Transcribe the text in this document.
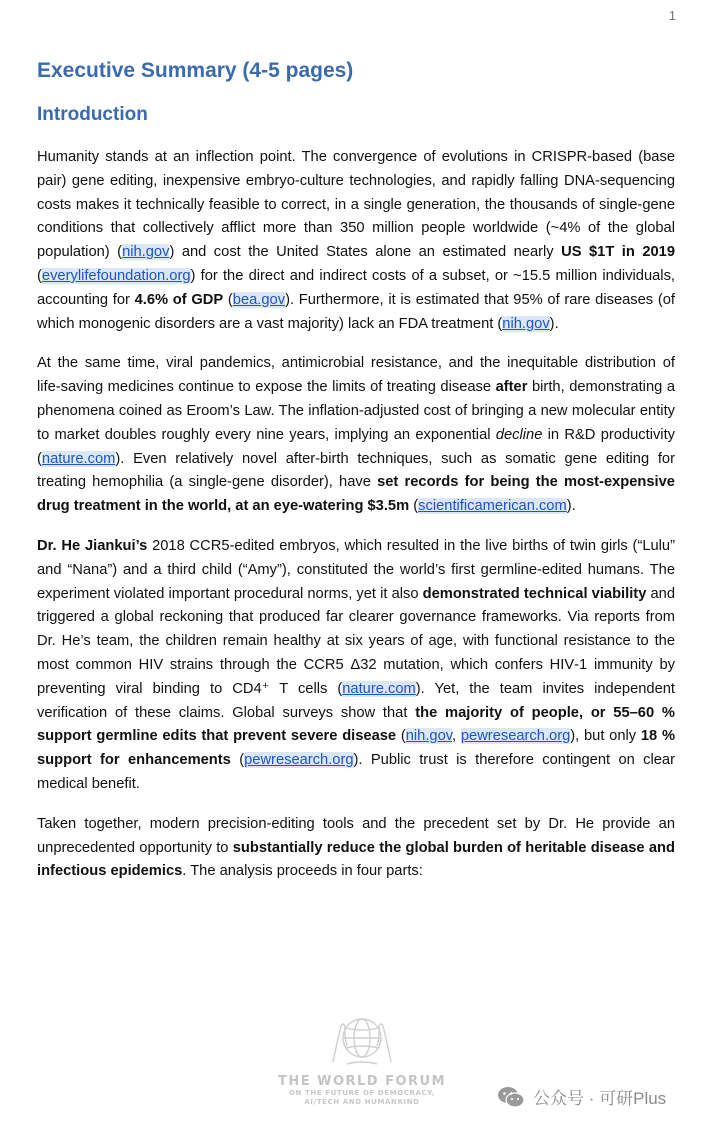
1
Executive Summary (4-5 pages)
Introduction

Humanity stands at an inflection point. The convergence of evolutions in CRISPR‑based (base pair) gene editing, inexpensive embryo‑culture technologies, and rapidly falling DNA‑sequencing costs makes it technically feasible to correct, in a single generation, the thousands of single‑gene conditions that collectively afflict more than 350 million people worldwide (~4% of the global population) (nih.gov) and cost the United States alone an estimated nearly US $1T in 2019 (everylifefoundation.org) for the direct and indirect costs of a subset, or ~15.5 million individuals, accounting for 4.6% of GDP (bea.gov). Furthermore, it is estimated that 95% of rare diseases (of which monogenic disorders are a vast majority) lack an FDA treatment (nih.gov).

At the same time, viral pandemics, antimicrobial resistance, and the inequitable distribution of life‑saving medicines continue to expose the limits of treating disease after birth, demonstrating a phenomena coined as Eroom’s Law. The inflation‑adjusted cost of bringing a new molecular entity to market doubles roughly every nine years, implying an exponential decline in R&D productivity (nature.com). Even relatively novel after‑birth techniques, such as somatic gene editing for treating hemophilia (a single‑gene disorder), have set records for being the most‑expensive drug treatment in the world, at an eye‑watering $3.5m (scientificamerican.com).

Dr. He Jiankui’s 2018 CCR5‑edited embryos, which resulted in the live births of twin girls (“Lulu” and “Nana”) and a third child (“Amy”), constituted the world’s first germline‑edited humans. The experiment violated important procedural norms, yet it also demonstrated technical viability and triggered a global reckoning that produced far clearer governance frameworks. Via reports from Dr. He’s team, the children remain healthy at six years of age, with functional resistance to the most common HIV strains through the CCR5 Δ32 mutation, which confers HIV‑1 immunity by preventing viral binding to CD4⁺ T cells (nature.com). Yet, the team invites independent verification of these claims. Global surveys show that the majority of people, or 55–60 % support germline edits that prevent severe disease (nih.gov, pewresearch.org), but only 18 % support for enhancements (pewresearch.org). Public trust is therefore contingent on clear medical benefit.

Taken together, modern precision‑editing tools and the precedent set by Dr. He provide an unprecedented opportunity to substantially reduce the global burden of heritable disease and infectious epidemics. The analysis proceeds in four parts:

THE WORLD FORUM
ON THE FUTURE OF DEMOCRACY,
AI/TECH AND HUMANKIND	公众号 · 可研Plus
